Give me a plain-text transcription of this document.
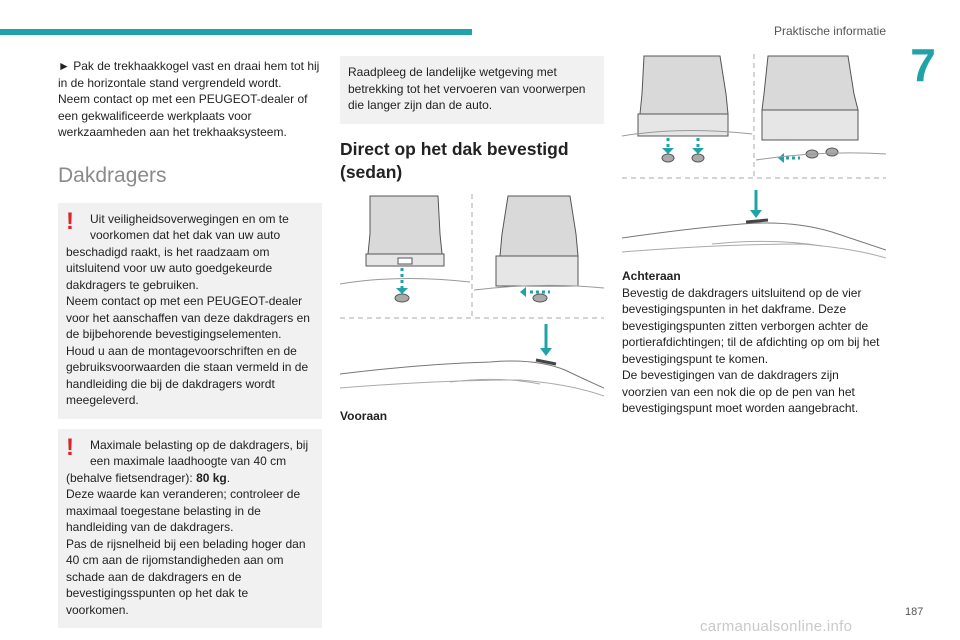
Praktische informatie
7

► Pak de trekhaakkogel vast en draai hem tot hij in de horizontale stand vergrendeld wordt.

Neem contact op met een PEUGEOT-dealer of een gekwalificeerde werkplaats voor werkzaamheden aan het trekhaaksysteem.

Dakdragers
!	Uit veiligheidsoverwegingen en om te voorkomen dat het dak van uw auto

beschadigd raakt, is het raadzaam om uitsluitend voor uw auto goedgekeurde dakdragers te gebruiken.

Neem contact op met een PEUGEOT-dealer voor het aanschaffen van deze dakdragers en de bijbehorende bevestigingselementen.

Houd u aan de montagevoorschriften en de gebruiksvoorwaarden die staan vermeld in de handleiding die bij de dakdragers wordt meegeleverd.

!	Maximale belasting op de dakdragers, bij een maximale laadhoogte van 40 cm

(behalve fietsendrager): 80 kg.

Deze waarde kan veranderen; controleer de maximaal toegestane belasting in de handleiding van de dakdragers.

Pas de rijsnelheid bij een belading hoger dan 40 cm aan de rijomstandigheden aan om schade aan de dakdragers en de bevestigingsspunten op het dak te voorkomen.

Raadpleeg de landelijke wetgeving met betrekking tot het vervoeren van voorwerpen die langer zijn dan de auto.

Direct op het dak bevestigd (sedan)

Vooraan

Achteraan

Bevestig de dakdragers uitsluitend op de vier bevestigingspunten in het dakframe. Deze bevestigingspunten zitten verborgen achter de portierafdichtingen; til de afdichting op om bij het bevestigingspunt te komen.

De bevestigingen van de dakdragers zijn voorzien van een nok die op de pen van het bevestigingspunt moet worden aangebracht.

187
carmanualsonline.info
